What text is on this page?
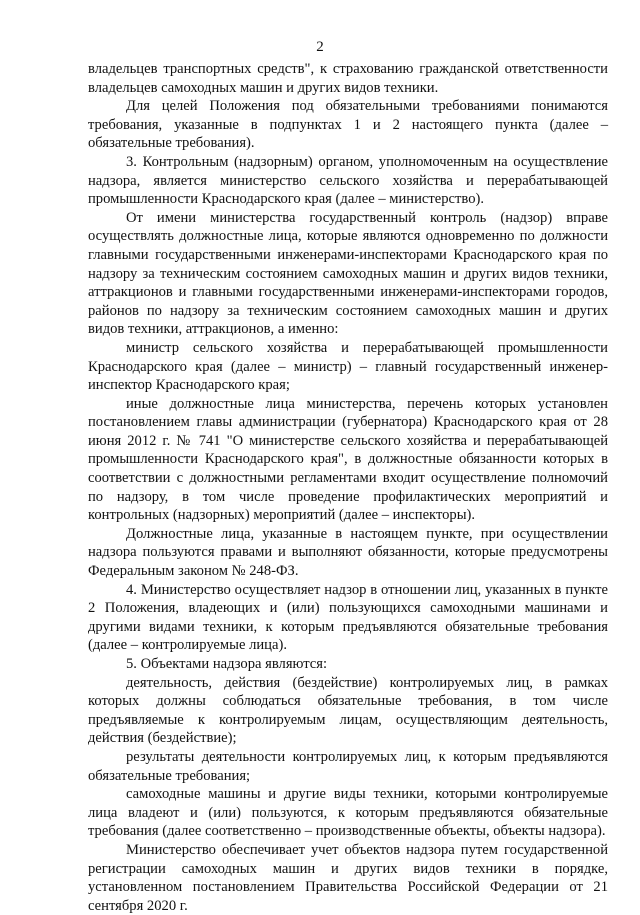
2

владельцев транспортных средств", к страхованию гражданской ответственности владельцев самоходных машин и других видов техники.

Для целей Положения под обязательными требованиями понимаются требования, указанные в подпунктах 1 и 2 настоящего пункта (далее – обязательные требования).

3. Контрольным (надзорным) органом, уполномоченным на осуществление надзора, является министерство сельского хозяйства и перерабатывающей промышленности Краснодарского края (далее – министерство).

От имени министерства государственный контроль (надзор) вправе осуществлять должностные лица, которые являются одновременно по должности главными государственными инженерами-инспекторами Краснодарского края по надзору за техническим состоянием самоходных машин и других видов техники, аттракционов и главными государственными инженерами-инспекторами городов, районов по надзору за техническим состоянием самоходных машин и других видов техники, аттракционов, а именно:

министр сельского хозяйства и перерабатывающей промышленности Краснодарского края (далее – министр) – главный государственный инженер-инспектор Краснодарского края;

иные должностные лица министерства, перечень которых установлен постановлением главы администрации (губернатора) Краснодарского края от 28 июня 2012 г. № 741 "О министерстве сельского хозяйства и перерабатывающей промышленности Краснодарского края", в должностные обязанности которых в соответствии с должностными регламентами входит осуществление полномочий по надзору, в том числе проведение профилактических мероприятий и контрольных (надзорных) мероприятий (далее – инспекторы).

Должностные лица, указанные в настоящем пункте, при осуществлении надзора пользуются правами и выполняют обязанности, которые предусмотрены Федеральным законом № 248-ФЗ.

4. Министерство осуществляет надзор в отношении лиц, указанных в пункте 2 Положения, владеющих и (или) пользующихся самоходными машинами и другими видами техники, к которым предъявляются обязательные требования (далее – контролируемые лица).

5. Объектами надзора являются:

деятельность, действия (бездействие) контролируемых лиц, в рамках которых должны соблюдаться обязательные требования, в том числе предъявляемые к контролируемым лицам, осуществляющим деятельность, действия (бездействие);

результаты деятельности контролируемых лиц, к которым предъявляются обязательные требования;

самоходные машины и другие виды техники, которыми контролируемые лица владеют и (или) пользуются, к которым предъявляются обязательные требования (далее соответственно – производственные объекты, объекты надзора).

Министерство обеспечивает учет объектов надзора путем государственной регистрации самоходных машин и других видов техники в порядке, установленном постановлением Правительства Российской Федерации от 21 сентября 2020 г.
